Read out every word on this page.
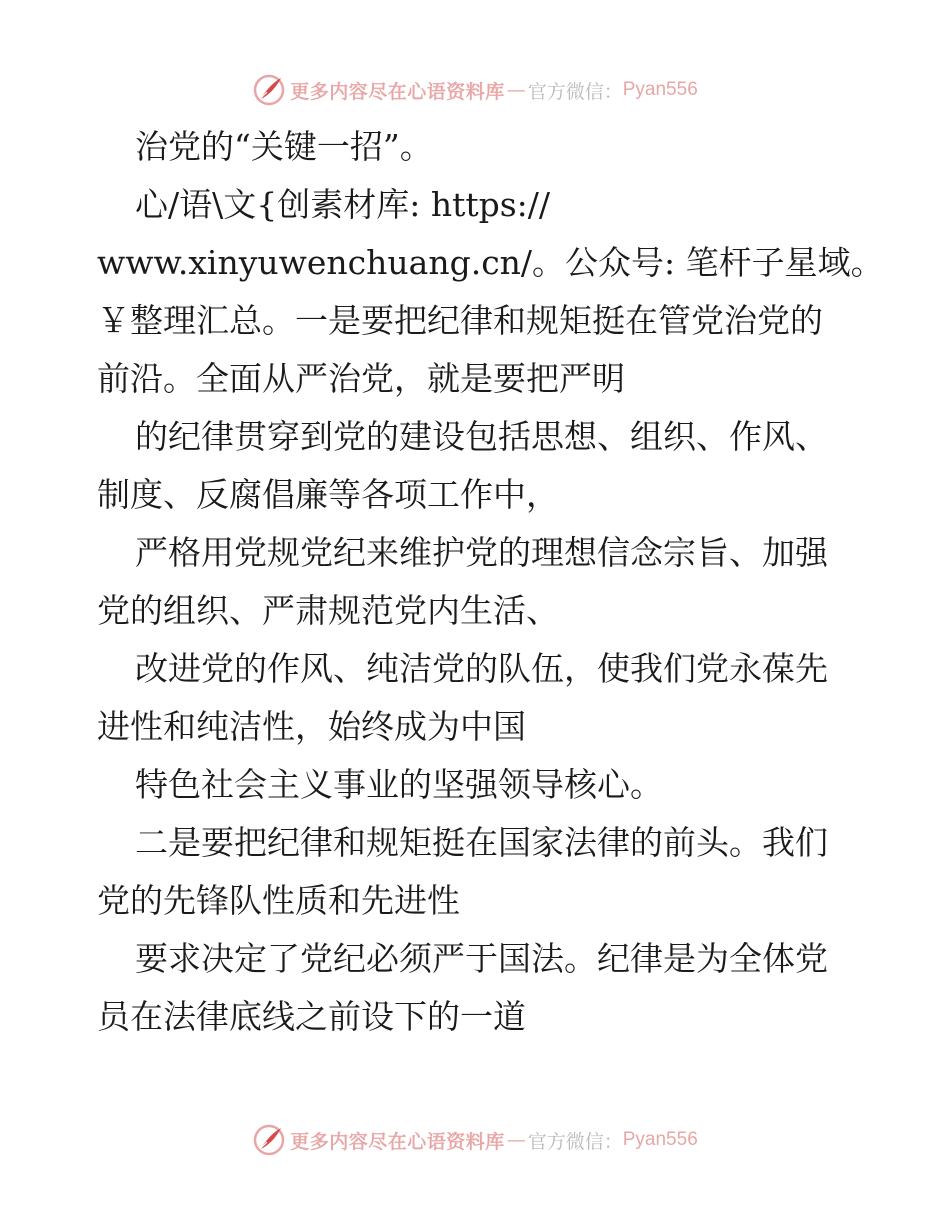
更多内容尽在心语资料库 — 官方微信： Pyan556
治党的“关键一招”。
心/语\文{创素材库: https://
www.xinyuwenchuang.cn/。公众号: 笔杆子星域。
￥整理汇总。一是要把纪律和规矩挺在管党治党的
前沿。全面从严治党，就是要把严明
的纪律贯穿到党的建设包括思想、组织、作风、
制度、反腐倡廉等各项工作中，
严格用党规党纪来维护党的理想信念宗旨、加强
党的组织、严肃规范党内生活、
改进党的作风、纯洁党的队伍，使我们党永葆先
进性和纯洁性，始终成为中国
特色社会主义事业的坚强领导核心。
二是要把纪律和规矩挺在国家法律的前头。我们
党的先锋队性质和先进性
要求决定了党纪必须严于国法。纪律是为全体党
员在法律底线之前设下的一道
更多内容尽在心语资料库 — 官方微信： Pyan556
